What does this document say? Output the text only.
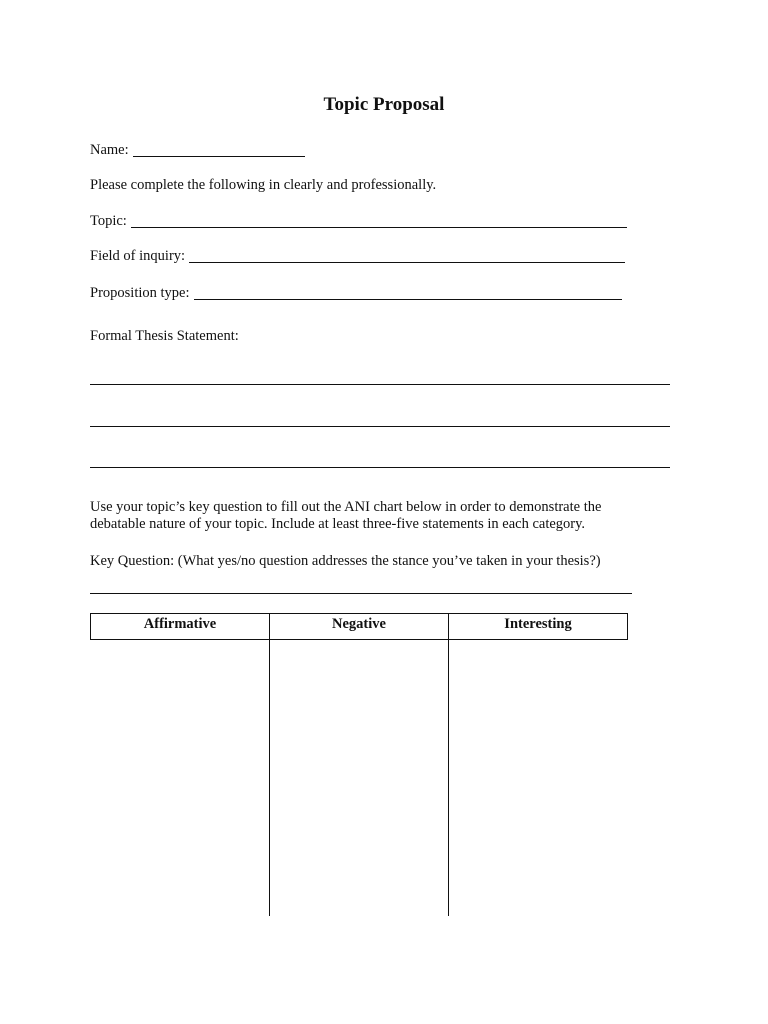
Topic Proposal
Name:
Please complete the following in clearly and professionally.
Topic:
Field of inquiry:
Proposition type:
Formal Thesis Statement:
Use your topic’s key question to fill out the ANI chart below in order to demonstrate the debatable nature of your topic. Include at least three-five statements in each category.
Key Question: (What yes/no question addresses the stance you’ve taken in your thesis?)
Affirmative	Negative	Interesting
